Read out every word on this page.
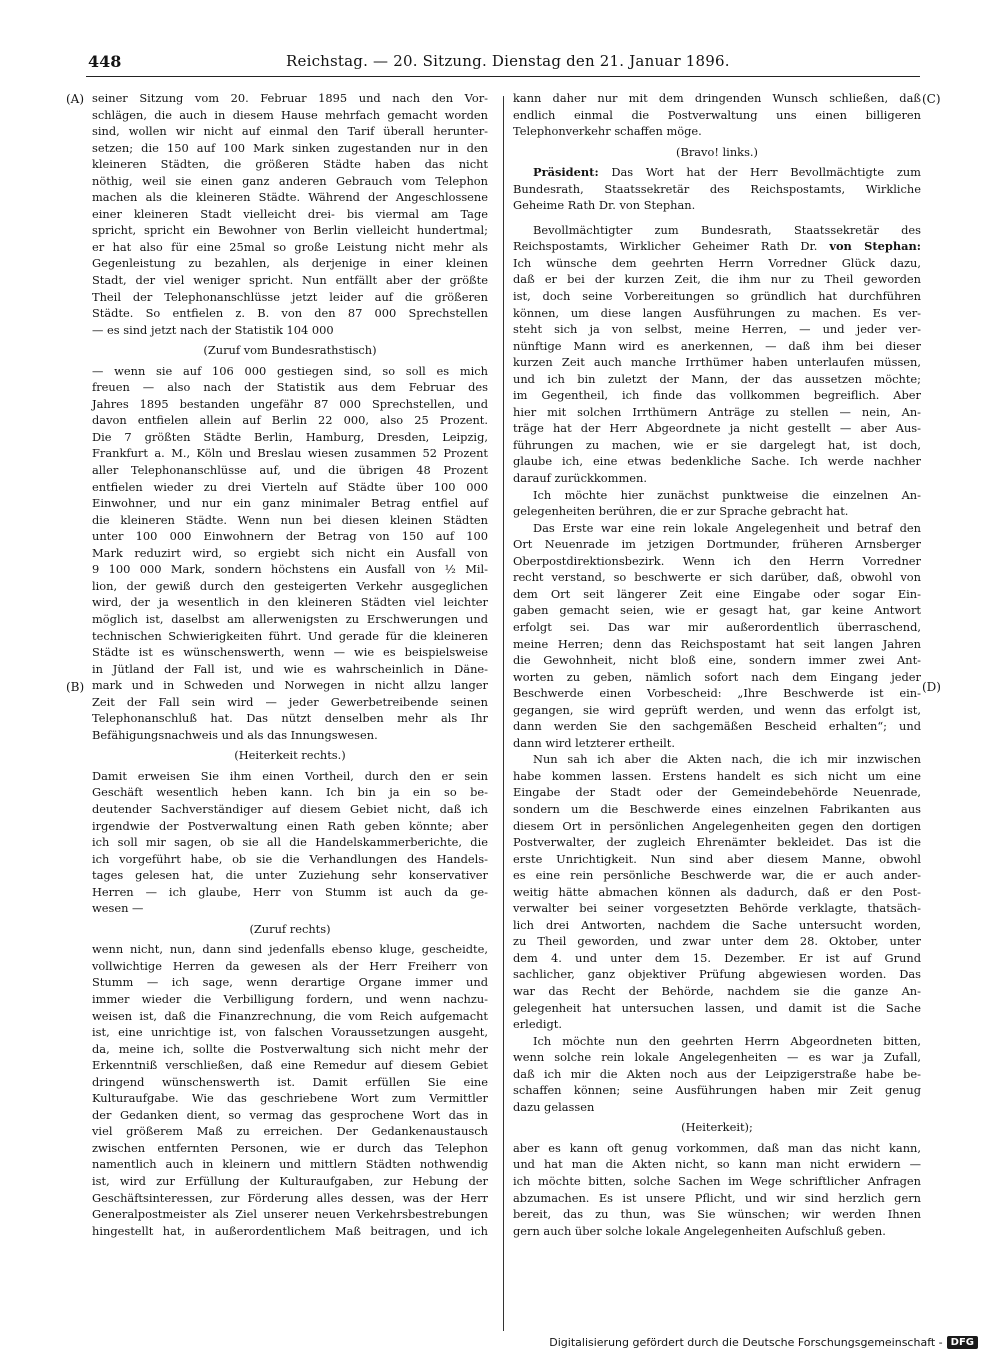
448	Reichstag. — 20. Sitzung. Dienstag den 21. Januar 1896.
(A)
(B)
(C)
(D)
seiner Sitzung vom 20. Februar 1895 und nach den Vor-
schlägen, die auch in diesem Hause mehrfach gemacht worden
sind, wollen wir nicht auf einmal den Tarif überall herunter-
setzen; die 150 auf 100 Mark sinken zugestanden nur in den
kleineren Städten, die größeren Städte haben das nicht
nöthig, weil sie einen ganz anderen Gebrauch vom Telephon
machen als die kleineren Städte. Während der Angeschlossene
einer kleineren Stadt vielleicht drei- bis viermal am Tage
spricht, spricht ein Bewohner von Berlin vielleicht hundertmal;
er hat also für eine 25mal so große Leistung nicht mehr als
Gegenleistung zu bezahlen, als derjenige in einer kleinen
Stadt, der viel weniger spricht. Nun entfällt aber der größte
Theil der Telephonanschlüsse jetzt leider auf die größeren
Städte. So entfielen z. B. von den 87 000 Sprechstellen
— es sind jetzt nach der Statistik 104 000
(Zuruf vom Bundesrathstisch)
— wenn sie auf 106 000 gestiegen sind, so soll es mich
freuen — also nach der Statistik aus dem Februar des
Jahres 1895 bestanden ungefähr 87 000 Sprechstellen, und
davon entfielen allein auf Berlin 22 000, also 25 Prozent.
Die 7 größten Städte Berlin, Hamburg, Dresden, Leipzig,
Frankfurt a. M., Köln und Breslau wiesen zusammen 52 Prozent
aller Telephonanschlüsse auf, und die übrigen 48 Prozent
entfielen wieder zu drei Vierteln auf Städte über 100 000
Einwohner, und nur ein ganz minimaler Betrag entfiel auf
die kleineren Städte. Wenn nun bei diesen kleinen Städten
unter 100 000 Einwohnern der Betrag von 150 auf 100
Mark reduzirt wird, so ergiebt sich nicht ein Ausfall von
9 100 000 Mark, sondern höchstens ein Ausfall von ½ Mil-
lion, der gewiß durch den gesteigerten Verkehr ausgeglichen
wird, der ja wesentlich in den kleineren Städten viel leichter
möglich ist, daselbst am allerwenigsten zu Erschwerungen und
technischen Schwierigkeiten führt. Und gerade für die kleineren
Städte ist es wünschenswerth, wenn — wie es beispielsweise
in Jütland der Fall ist, und wie es wahrscheinlich in Däne-
mark und in Schweden und Norwegen in nicht allzu langer
Zeit der Fall sein wird — jeder Gewerbetreibende seinen
Telephonanschluß hat. Das nützt denselben mehr als Ihr
Befähigungsnachweis und als das Innungswesen.
(Heiterkeit rechts.)
Damit erweisen Sie ihm einen Vortheil, durch den er sein
Geschäft wesentlich heben kann. Ich bin ja ein so be-
deutender Sachverständiger auf diesem Gebiet nicht, daß ich
irgendwie der Postverwaltung einen Rath geben könnte; aber
ich soll mir sagen, ob sie all die Handelskammerberichte, die
ich vorgeführt habe, ob sie die Verhandlungen des Handels-
tages gelesen hat, die unter Zuziehung sehr konservativer
Herren — ich glaube, Herr von Stumm ist auch da ge-
wesen —
(Zuruf rechts)
wenn nicht, nun, dann sind jedenfalls ebenso kluge, gescheidte,
vollwichtige Herren da gewesen als der Herr Freiherr von
Stumm — ich sage, wenn derartige Organe immer und
immer wieder die Verbilligung fordern, und wenn nachzu-
weisen ist, daß die Finanzrechnung, die vom Reich aufgemacht
ist, eine unrichtige ist, von falschen Voraussetzungen ausgeht,
da, meine ich, sollte die Postverwaltung sich nicht mehr der
Erkenntniß verschließen, daß eine Remedur auf diesem Gebiet
dringend wünschenswerth ist. Damit erfüllen Sie eine
Kulturaufgabe. Wie das geschriebene Wort zum Vermittler
der Gedanken dient, so vermag das gesprochene Wort das in
viel größerem Maß zu erreichen. Der Gedankenaustausch
zwischen entfernten Personen, wie er durch das Telephon
namentlich auch in kleinern und mittlern Städten nothwendig
ist, wird zur Erfüllung der Kulturaufgaben, zur Hebung der
Geschäftsinteressen, zur Förderung alles dessen, was der Herr
Generalpostmeister als Ziel unserer neuen Verkehrsbestrebungen
hingestellt hat, in außerordentlichem Maß beitragen, und ich
kann daher nur mit dem dringenden Wunsch schließen, daß
endlich einmal die Postverwaltung uns einen billigeren
Telephonverkehr schaffen möge.
(Bravo! links.)
Präsident: Das Wort hat der Herr Bevollmächtigte zum
Bundesrath, Staatssekretär des Reichspostamts, Wirkliche
Geheime Rath Dr. von Stephan.
Bevollmächtigter zum Bundesrath, Staatssekretär des
Reichspostamts, Wirklicher Geheimer Rath Dr. von Stephan:
Ich wünsche dem geehrten Herrn Vorredner Glück dazu,
daß er bei der kurzen Zeit, die ihm nur zu Theil geworden
ist, doch seine Vorbereitungen so gründlich hat durchführen
können, um diese langen Ausführungen zu machen. Es ver-
steht sich ja von selbst, meine Herren, — und jeder ver-
nünftige Mann wird es anerkennen, — daß ihm bei dieser
kurzen Zeit auch manche Irrthümer haben unterlaufen müssen,
und ich bin zuletzt der Mann, der das aussetzen möchte;
im Gegentheil, ich finde das vollkommen begreiflich. Aber
hier mit solchen Irrthümern Anträge zu stellen — nein, An-
träge hat der Herr Abgeordnete ja nicht gestellt — aber Aus-
führungen zu machen, wie er sie dargelegt hat, ist doch,
glaube ich, eine etwas bedenkliche Sache. Ich werde nachher
darauf zurückkommen.
Ich möchte hier zunächst punktweise die einzelnen An-
gelegenheiten berühren, die er zur Sprache gebracht hat.
Das Erste war eine rein lokale Angelegenheit und betraf den
Ort Neuenrade im jetzigen Dortmunder, früheren Arnsberger
Oberpostdirektionsbezirk. Wenn ich den Herrn Vorredner
recht verstand, so beschwerte er sich darüber, daß, obwohl von
dem Ort seit längerer Zeit eine Eingabe oder sogar Ein-
gaben gemacht seien, wie er gesagt hat, gar keine Antwort
erfolgt sei. Das war mir außerordentlich überraschend,
meine Herren; denn das Reichspostamt hat seit langen Jahren
die Gewohnheit, nicht bloß eine, sondern immer zwei Ant-
worten zu geben, nämlich sofort nach dem Eingang jeder
Beschwerde einen Vorbescheid: „Ihre Beschwerde ist ein-
gegangen, sie wird geprüft werden, und wenn das erfolgt ist,
dann werden Sie den sachgemäßen Bescheid erhalten“; und
dann wird letzterer ertheilt.
Nun sah ich aber die Akten nach, die ich mir inzwischen
habe kommen lassen. Erstens handelt es sich nicht um eine
Eingabe der Stadt oder der Gemeindebehörde Neuenrade,
sondern um die Beschwerde eines einzelnen Fabrikanten aus
diesem Ort in persönlichen Angelegenheiten gegen den dortigen
Postverwalter, der zugleich Ehrenämter bekleidet. Das ist die
erste Unrichtigkeit. Nun sind aber diesem Manne, obwohl
es eine rein persönliche Beschwerde war, die er auch ander-
weitig hätte abmachen können als dadurch, daß er den Post-
verwalter bei seiner vorgesetzten Behörde verklagte, thatsäch-
lich drei Antworten, nachdem die Sache untersucht worden,
zu Theil geworden, und zwar unter dem 28. Oktober, unter
dem 4. und unter dem 15. Dezember. Er ist auf Grund
sachlicher, ganz objektiver Prüfung abgewiesen worden. Das
war das Recht der Behörde, nachdem sie die ganze An-
gelegenheit hat untersuchen lassen, und damit ist die Sache
erledigt.
Ich möchte nun den geehrten Herrn Abgeordneten bitten,
wenn solche rein lokale Angelegenheiten — es war ja Zufall,
daß ich mir die Akten noch aus der Leipzigerstraße habe be-
schaffen können; seine Ausführungen haben mir Zeit genug
dazu gelassen
(Heiterkeit);
aber es kann oft genug vorkommen, daß man das nicht kann,
und hat man die Akten nicht, so kann man nicht erwidern —
ich möchte bitten, solche Sachen im Wege schriftlicher Anfragen
abzumachen. Es ist unsere Pflicht, und wir sind herzlich gern
bereit, das zu thun, was Sie wünschen; wir werden Ihnen
gern auch über solche lokale Angelegenheiten Aufschluß geben.
Digitalisierung gefördert durch die Deutsche Forschungsgemeinschaft - DFG
